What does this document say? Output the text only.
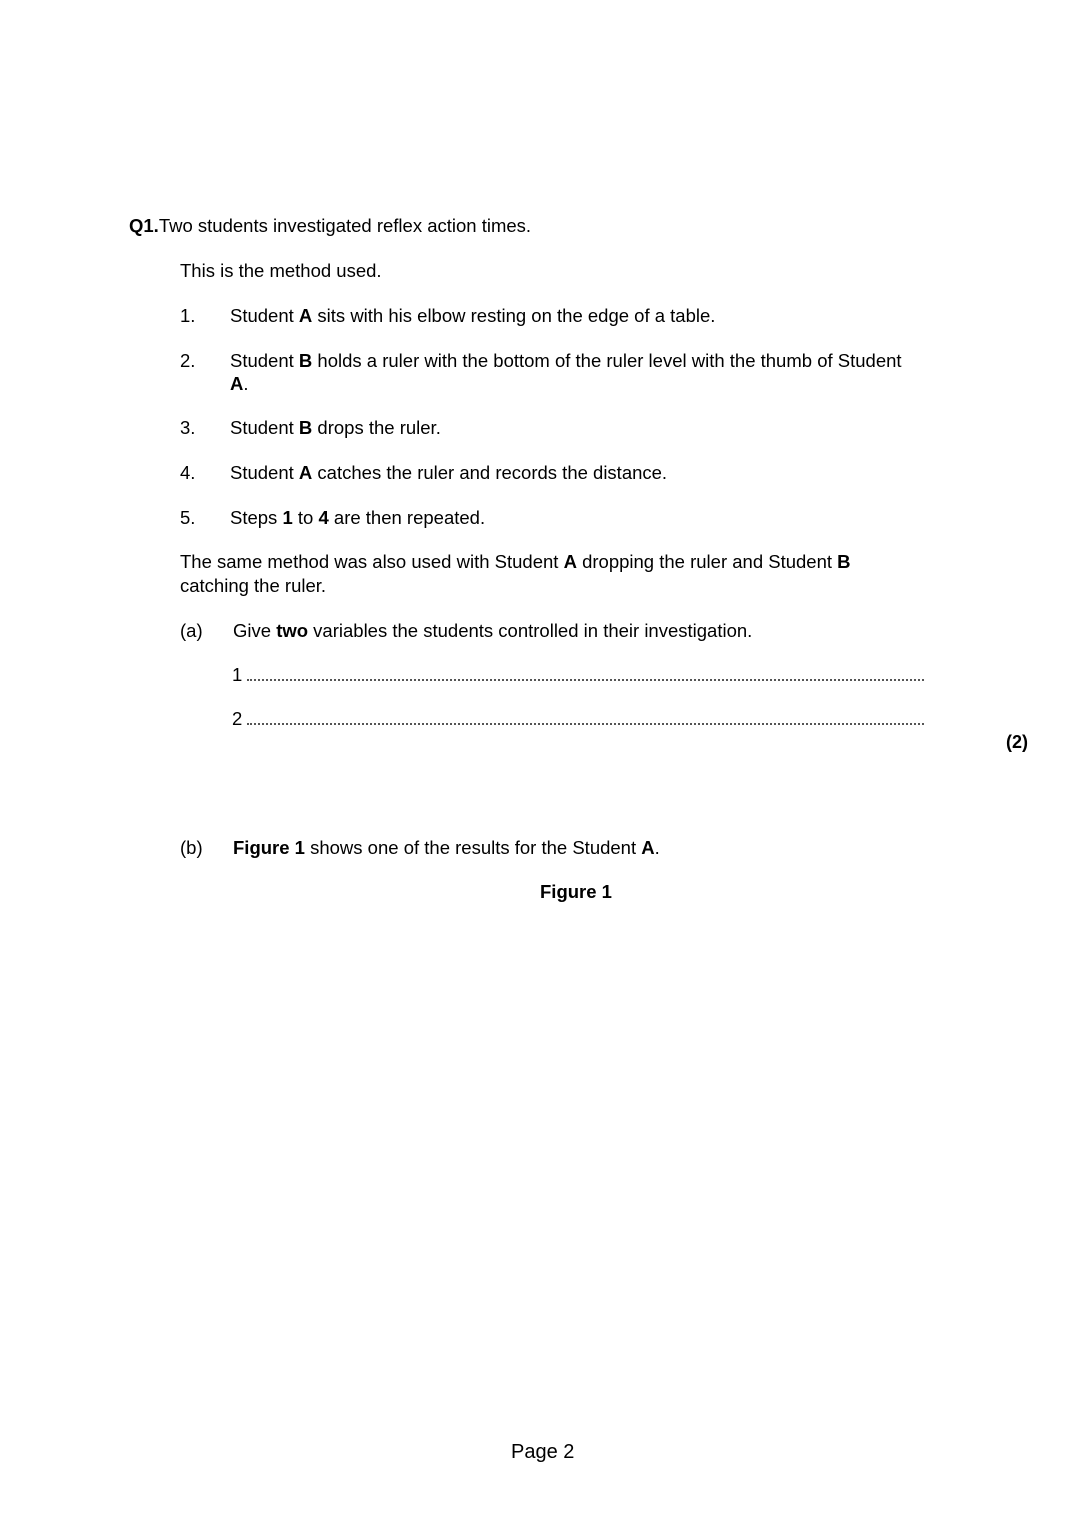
Q1.Two students investigated reflex action times.
This is the method used.
1. Student A sits with his elbow resting on the edge of a table.
2. Student B holds a ruler with the bottom of the ruler level with the thumb of Student
A.
3. Student B drops the ruler.
4. Student A catches the ruler and records the distance.
5. Steps 1 to 4 are then repeated.
The same method was also used with Student A dropping the ruler and Student B
catching the ruler.
(a) Give two variables the students controlled in their investigation.
1
2
(2)
(b) Figure 1 shows one of the results for the Student A.
Figure 1
Page 2
